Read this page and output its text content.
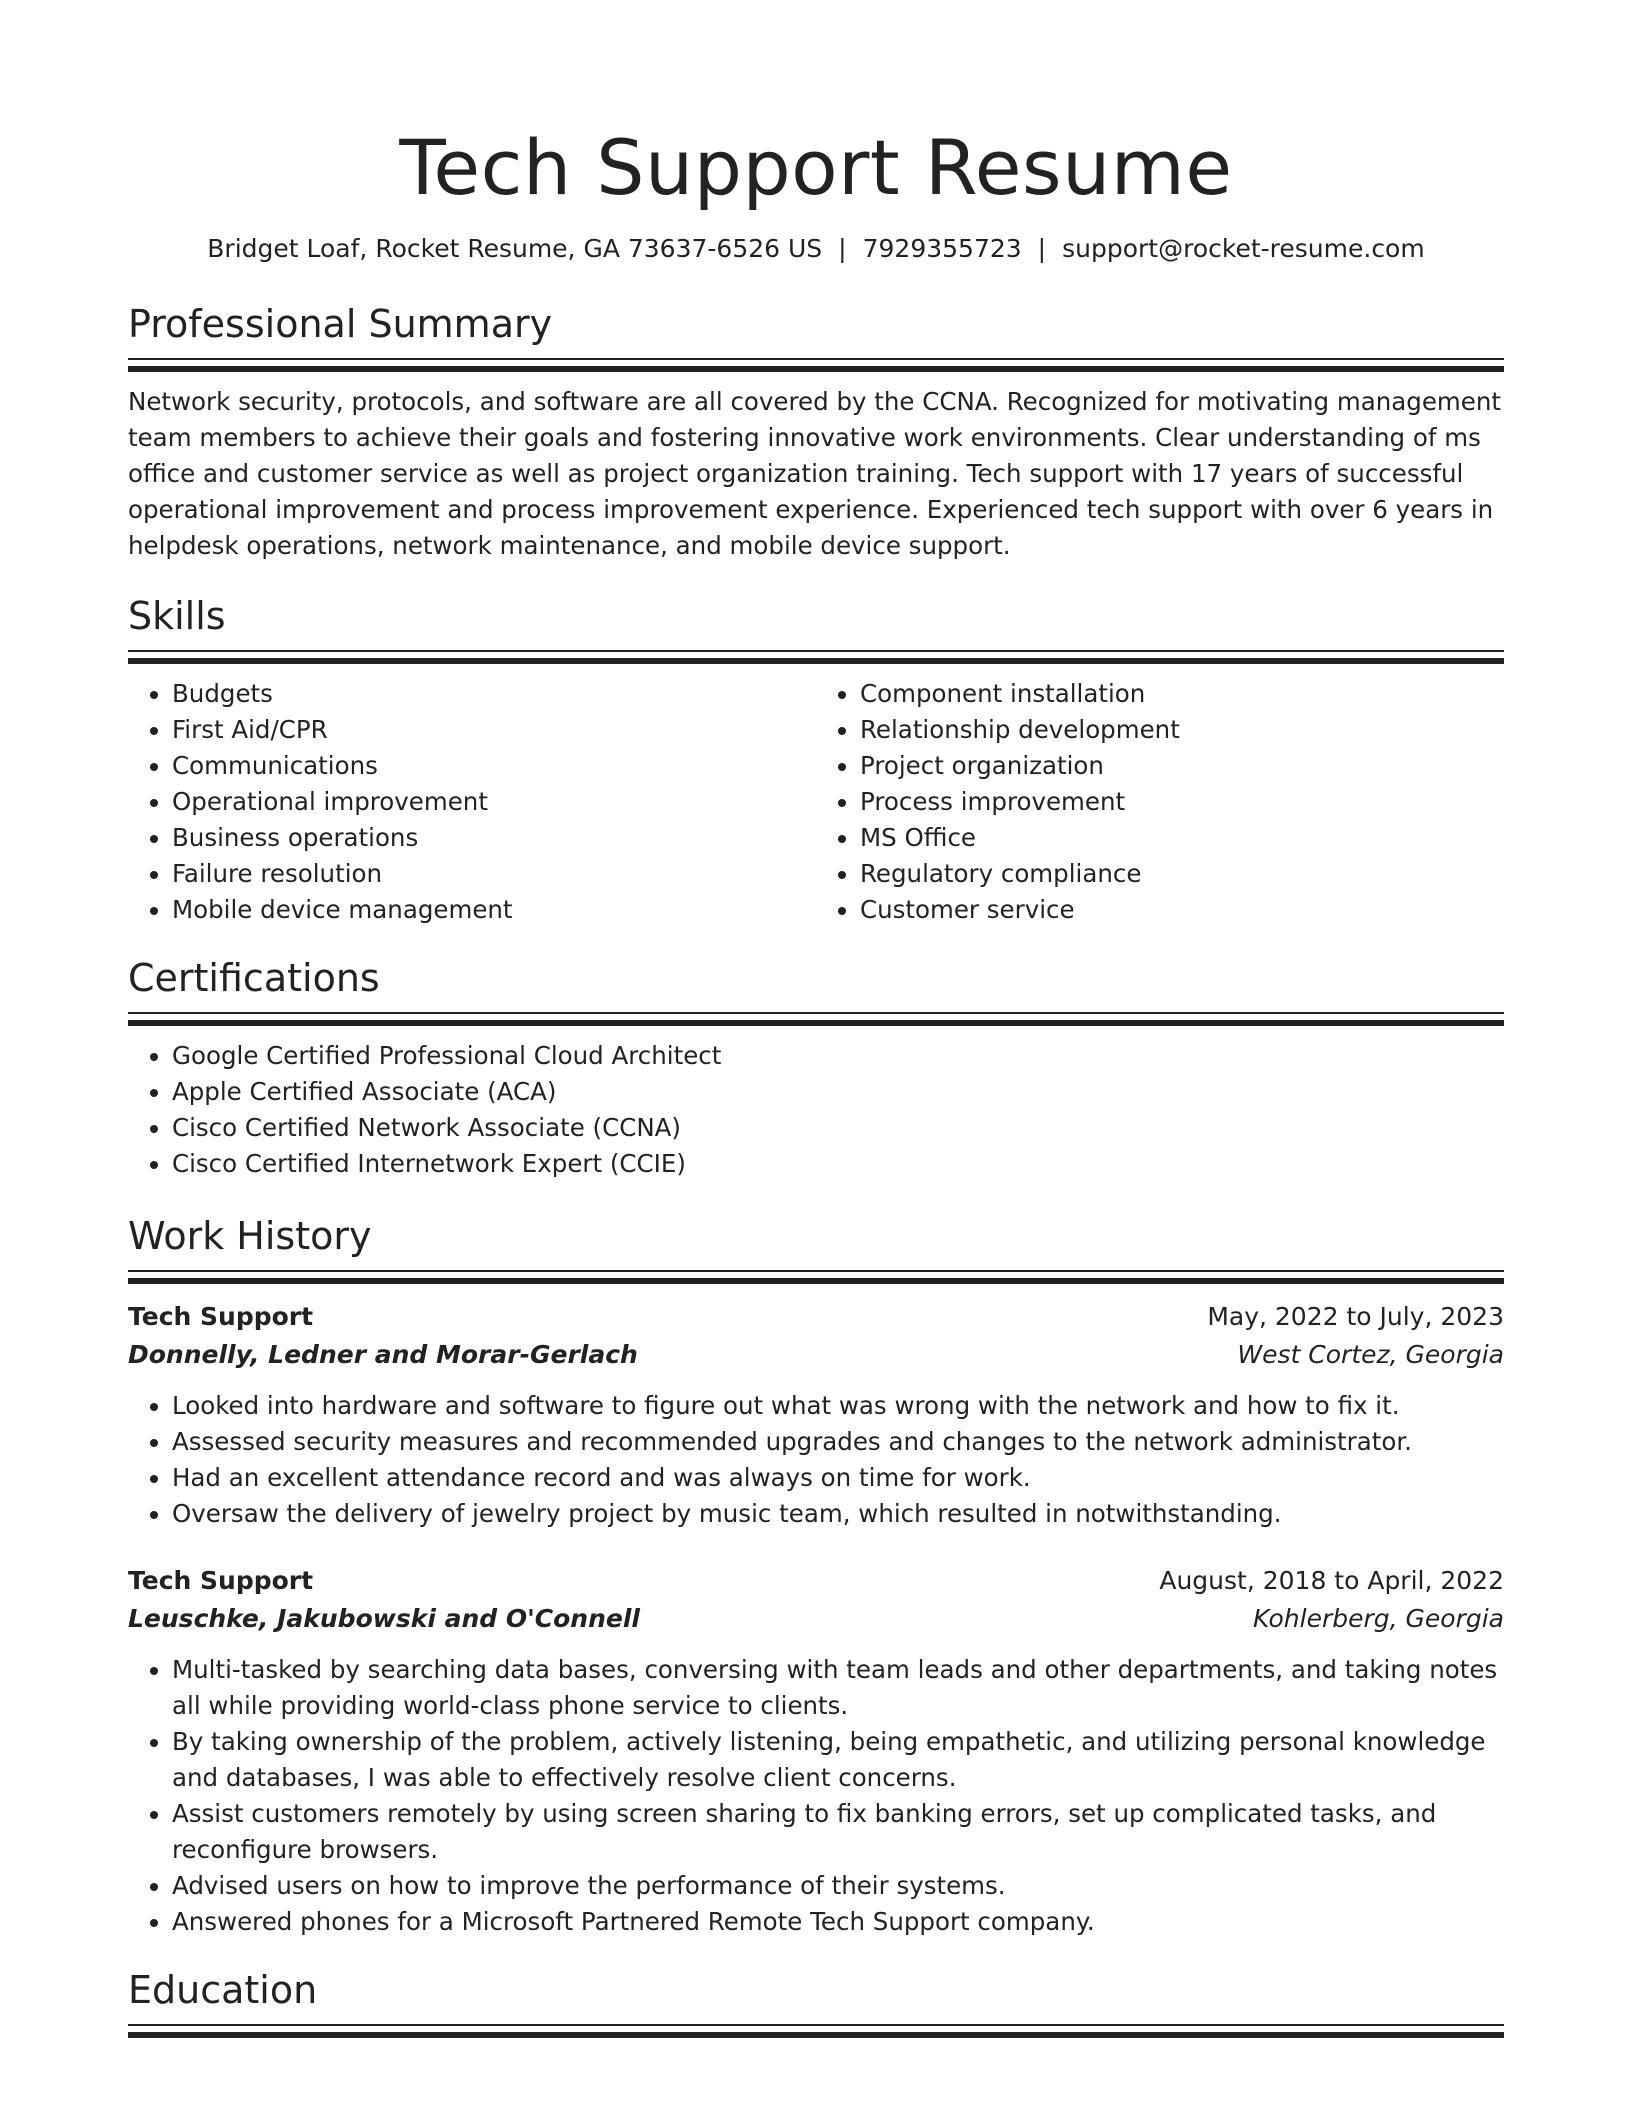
Tech Support Resume
Bridget Loaf, Rocket Resume, GA 73637-6526 US | 7929355723 | support@rocket-resume.com
Professional Summary

Network security, protocols, and software are all covered by the CCNA. Recognized for motivating management team members to achieve their goals and fostering innovative work environments. Clear understanding of ms office and customer service as well as project organization training. Tech support with 17 years of successful operational improvement and process improvement experience. Experienced tech support with over 6 years in helpdesk operations, network maintenance, and mobile device support.

Skills
• Budgets
• First Aid/CPR
• Communications
• Operational improvement
• Business operations
• Failure resolution
• Mobile device management
• Component installation
• Relationship development
• Project organization
• Process improvement
• MS Office
• Regulatory compliance
• Customer service
Certifications
• Google Certified Professional Cloud Architect
• Apple Certified Associate (ACA)
• Cisco Certified Network Associate (CCNA)
• Cisco Certified Internetwork Expert (CCIE)
Work History
Tech Support	May, 2022 to July, 2023
Donnelly, Ledner and Morar-Gerlach	West Cortez, Georgia
• Looked into hardware and software to figure out what was wrong with the network and how to fix it.
• Assessed security measures and recommended upgrades and changes to the network administrator.
• Had an excellent attendance record and was always on time for work.
• Oversaw the delivery of jewelry project by music team, which resulted in notwithstanding.
Tech Support	August, 2018 to April, 2022
Leuschke, Jakubowski and O'Connell	Kohlerberg, Georgia
• Multi-tasked by searching data bases, conversing with team leads and other departments, and taking notes all while providing world-class phone service to clients.
• By taking ownership of the problem, actively listening, being empathetic, and utilizing personal knowledge and databases, I was able to effectively resolve client concerns.
• Assist customers remotely by using screen sharing to fix banking errors, set up complicated tasks, and reconfigure browsers.
• Advised users on how to improve the performance of their systems.
• Answered phones for a Microsoft Partnered Remote Tech Support company.
Education
